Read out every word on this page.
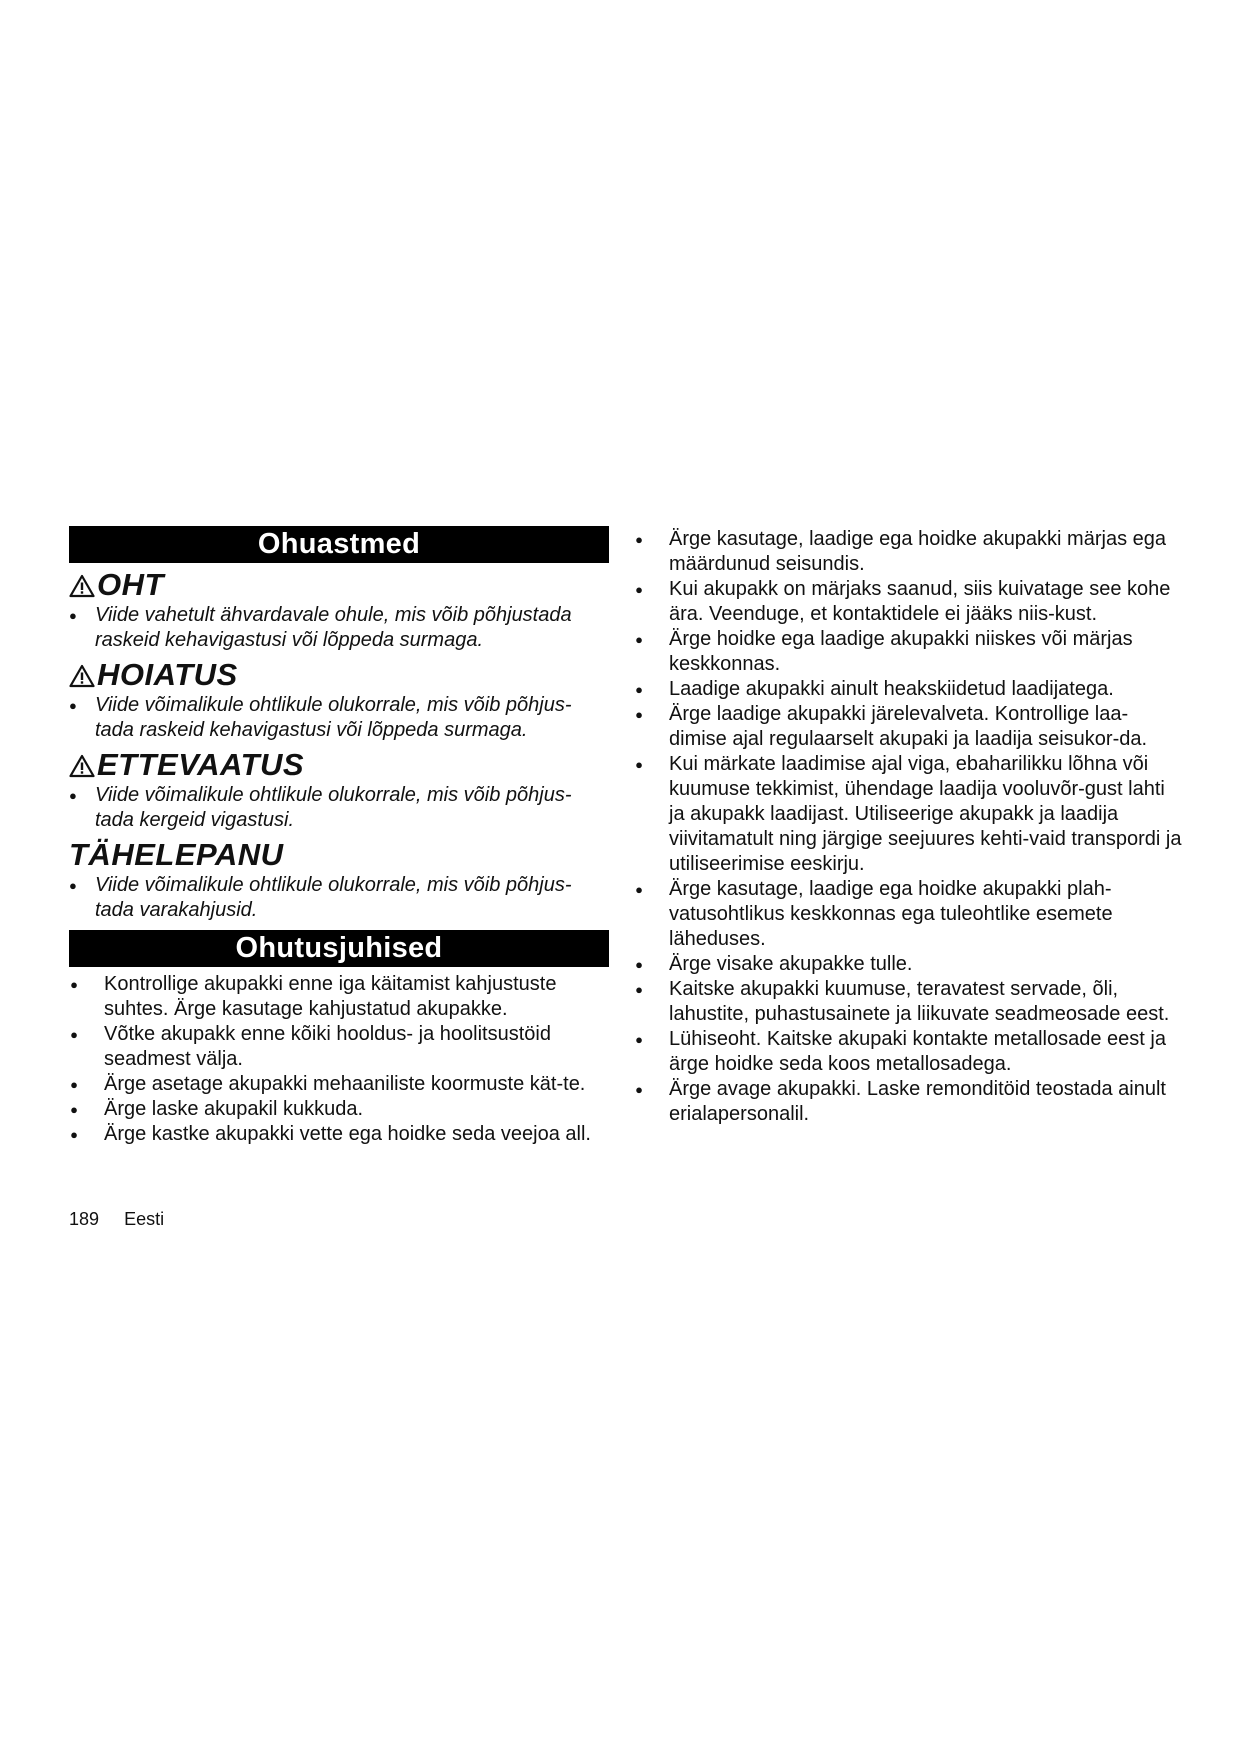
Ohuastmed
OHT
● Viide vahetult ähvardavale ohule, mis võib põhjustada raskeid kehavigastusi või lõppeda surmaga.
HOIATUS
● Viide võimalikule ohtlikule olukorrale, mis võib põhjus-tada raskeid kehavigastusi või lõppeda surmaga.
ETTEVAATUS
● Viide võimalikule ohtlikule olukorrale, mis võib põhjus-tada kergeid vigastusi.
TÄHELEPANU
● Viide võimalikule ohtlikule olukorrale, mis võib põhjus-tada varakahjusid.
Ohutusjuhised
● Kontrollige akupakki enne iga käitamist kahjustuste suhtes. Ärge kasutage kahjustatud akupakke.
● Võtke akupakk enne kõiki hooldus- ja hoolitsustöid seadmest välja.
● Ärge asetage akupakki mehaaniliste koormuste kät-te.
● Ärge laske akupakil kukkuda.
● Ärge kastke akupakki vette ega hoidke seda veejoa all.
● Ärge kasutage, laadige ega hoidke akupakki märjas ega määrdunud seisundis.
● Kui akupakk on märjaks saanud, siis kuivatage see kohe ära. Veenduge, et kontaktidele ei jääks niis-kust.
● Ärge hoidke ega laadige akupakki niiskes või märjas keskkonnas.
● Laadige akupakki ainult heakskiidetud laadijatega.
● Ärge laadige akupakki järelevalveta. Kontrollige laa-dimise ajal regulaarselt akupaki ja laadija seisukor-da.
● Kui märkate laadimise ajal viga, ebaharilikku lõhna või kuumuse tekkimist, ühendage laadija vooluvõr-gust lahti ja akupakk laadijast. Utiliseerige akupakk ja laadija viivitamatult ning järgige seejuures kehti-vaid transpordi ja utiliseerimise eeskirju.
● Ärge kasutage, laadige ega hoidke akupakki plah-vatusohtlikus keskkonnas ega tuleohtlike esemete läheduses.
● Ärge visake akupakke tulle.
● Kaitske akupakki kuumuse, teravatest servade, õli, lahustite, puhastusainete ja liikuvate seadmeosade eest.
● Lühiseoht. Kaitske akupaki kontakte metallosade eest ja ärge hoidke seda koos metallosadega.
● Ärge avage akupakki. Laske remonditöid teostada ainult erialapersonalil.
189 Eesti
